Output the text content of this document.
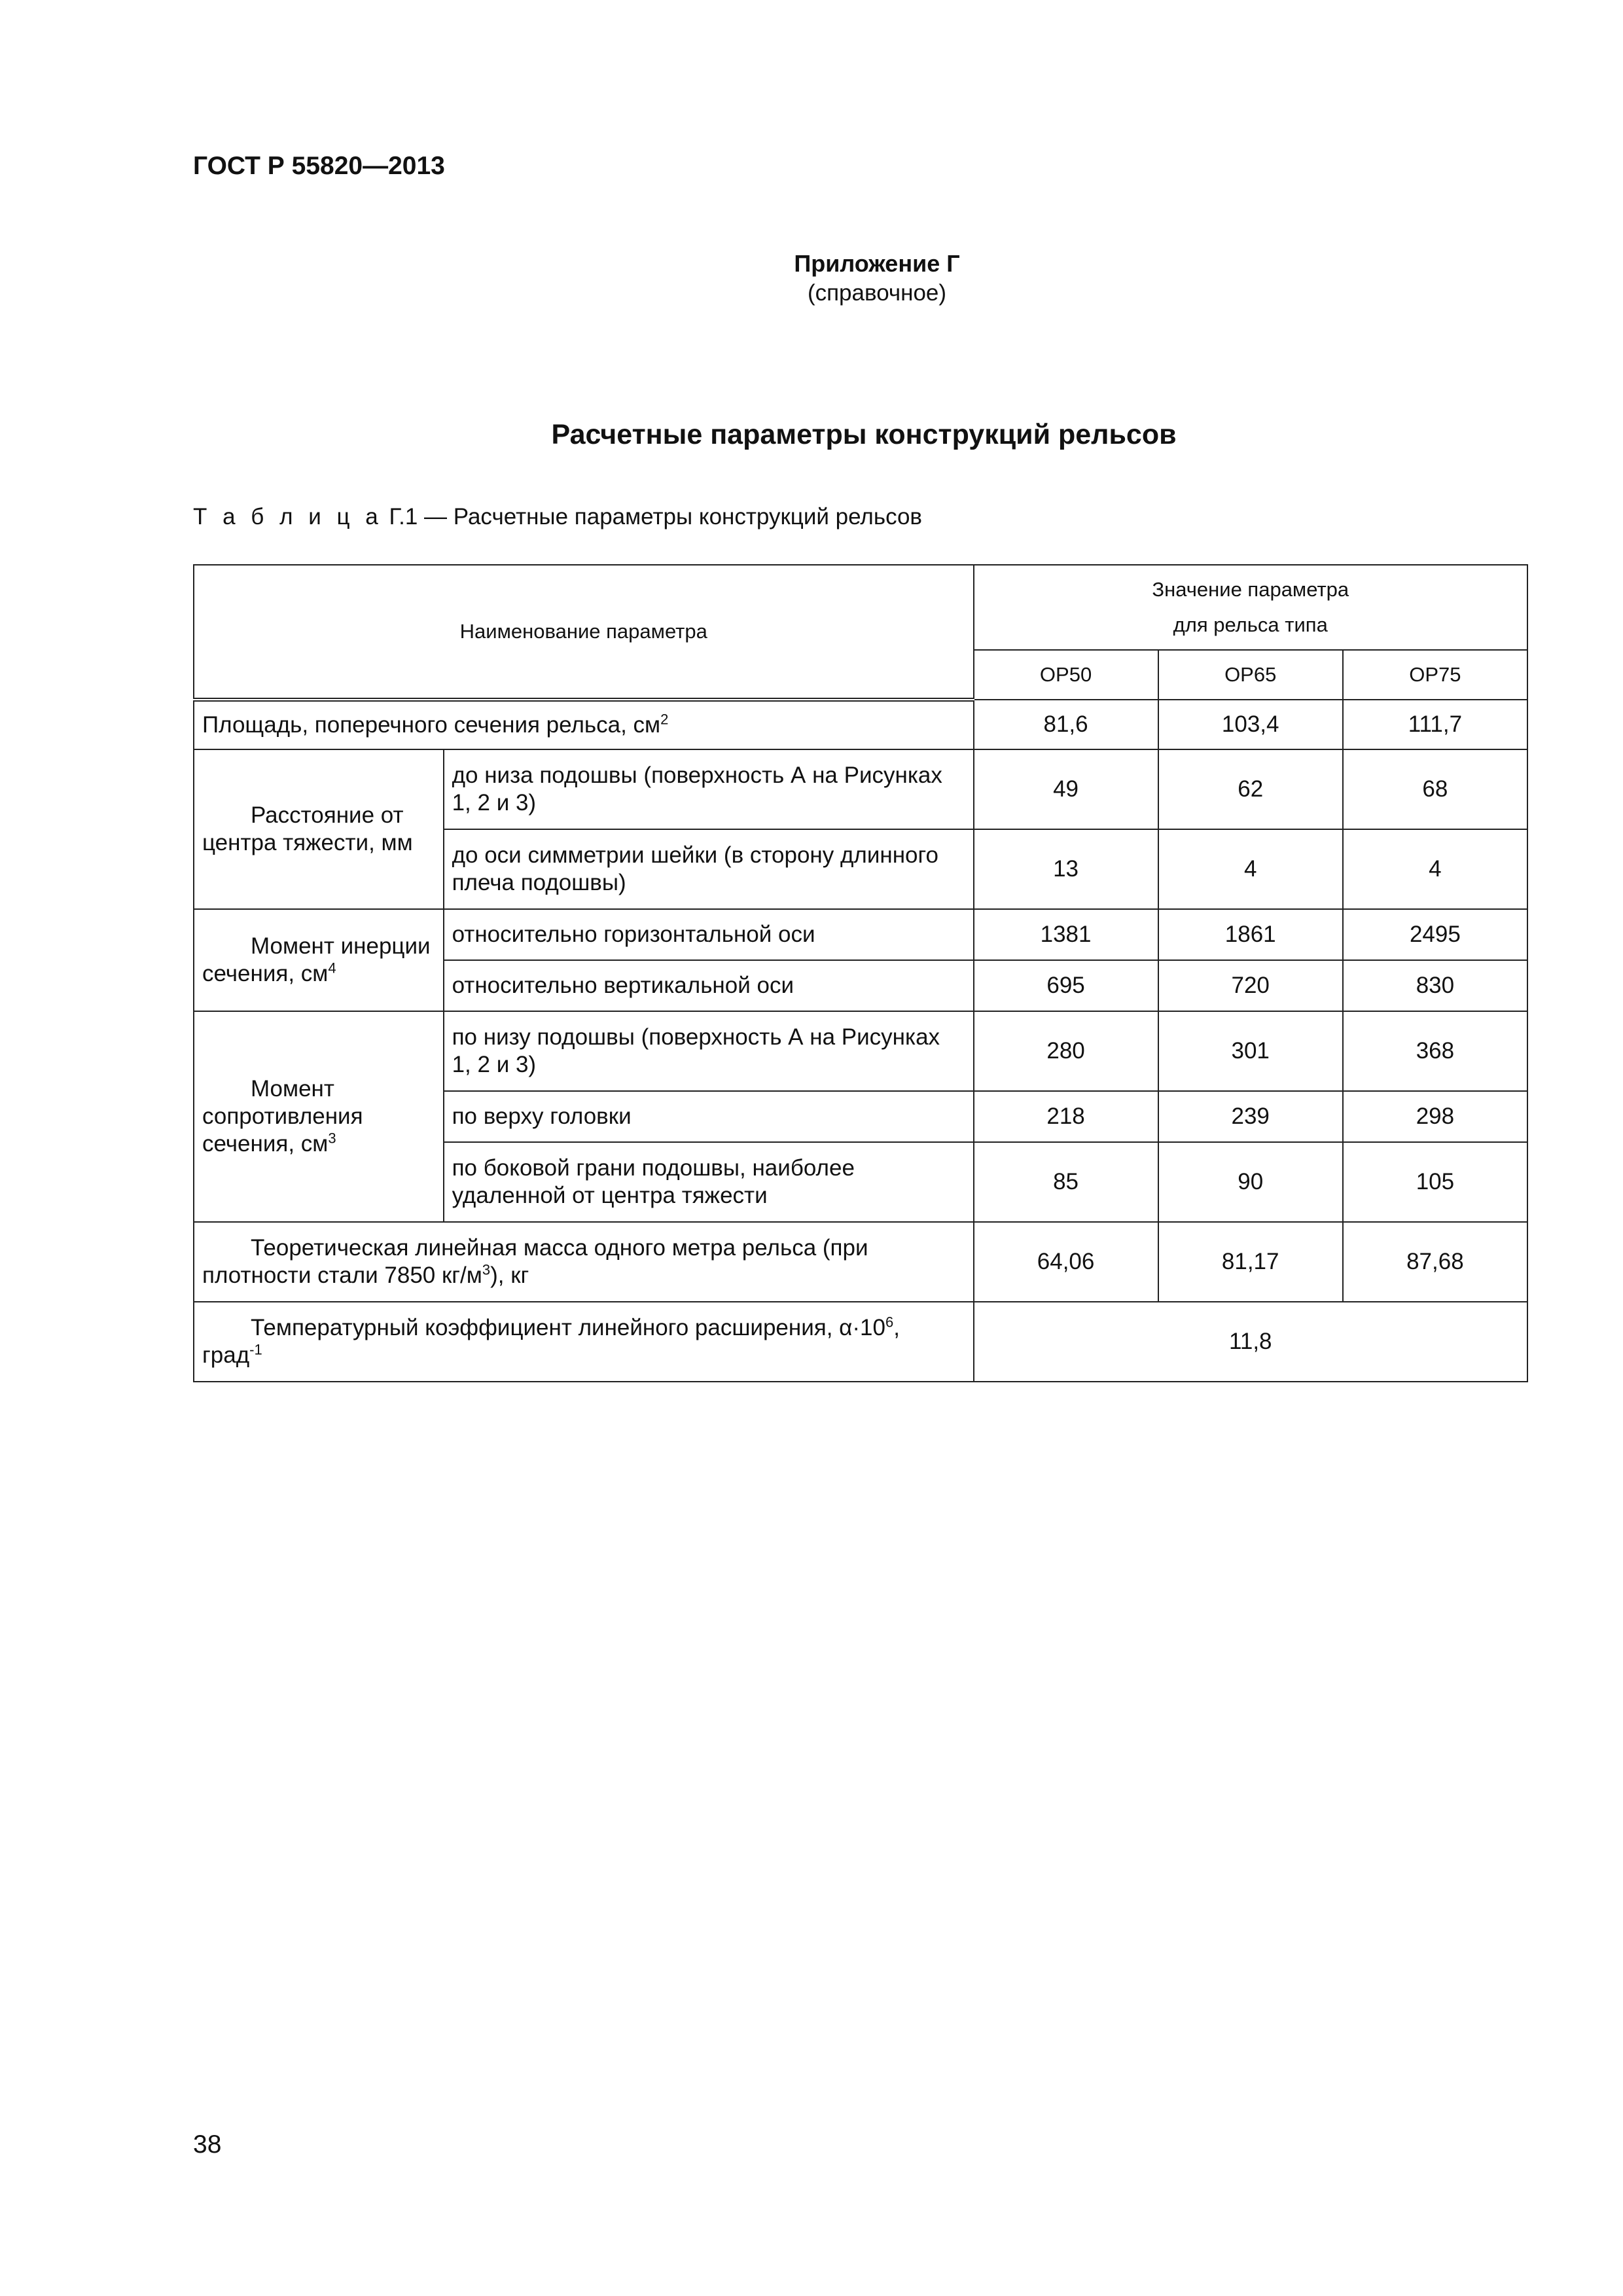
ГОСТ Р 55820—2013
Приложение Г
(справочное)
Расчетные параметры конструкций рельсов
Т а б л и ц а Г.1 — Расчетные параметры конструкций рельсов
Наименование параметра		Значение параметра
для рельса типа		

		ОР50	ОР65	ОР75
Площадь, поперечного сечения рельса, $см^2$		81,6	103,4	111,7
Расстояние от центра тяжести, мм	до низа подошвы (поверхность А на Рисунках 1, 2 и 3)	49	62	68
	до оси симметрии шейки (в сторону длинного плеча подошвы)	13	4	4
Момент инерции сечения, $см^4$	относительно горизонтальной оси	1381	1861	2495
	относительно вертикальной оси	695	720	830
Момент сопротивления сечения, $см^3$	по низу подошвы (поверхность А на Рисунках 1, 2 и 3)	280	301	368
	по верху головки	218	239	298
	по боковой грани подошвы, наиболее удаленной от центра тяжести	85	90	105
Теоретическая линейная масса одного метра рельса (при плотности стали 7850 $кг/м^3$), кг		64,06	81,17	87,68
Температурный коэффициент линейного расширения, $\alpha\cdot 10^6$, град$^{-1}$		11,8		
38
